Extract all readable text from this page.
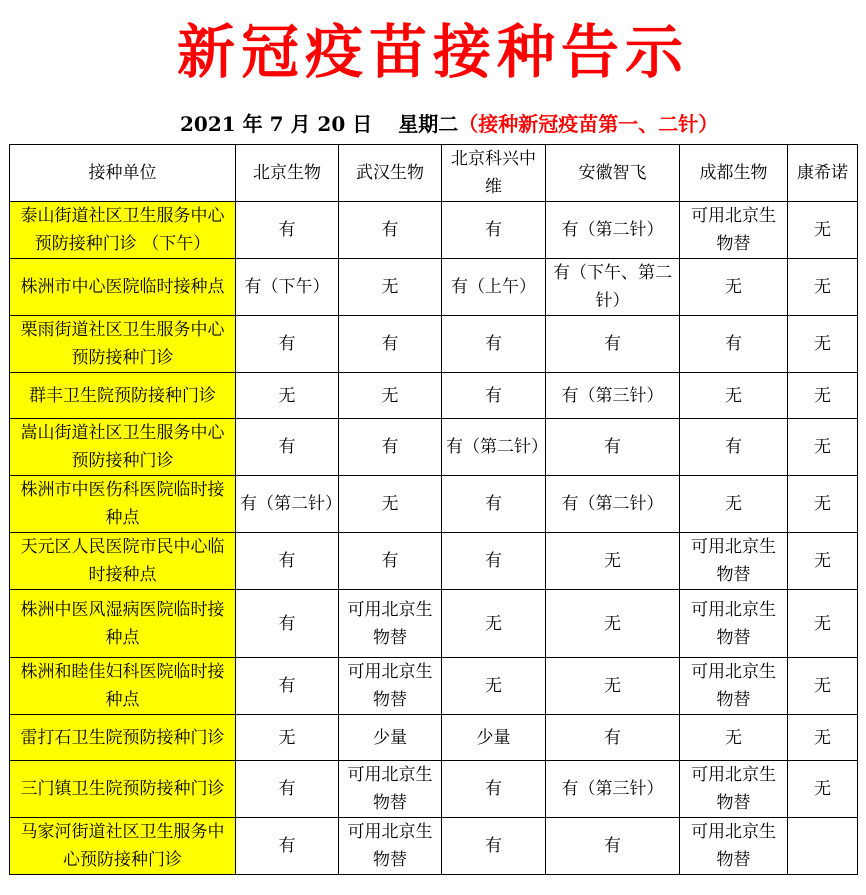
新冠疫苗接种告示
2021 年 7 月 20 日 星期二（接种新冠疫苗第一、二针）
接种单位	北京生物	武汉生物	北京科兴中维	安徽智飞	成都生物	康希诺
泰山街道社区卫生服务中心预防接种门诊 （下午）	有	有	有	有（第二针）	可用北京生物替	无
株洲市中心医院临时接种点	有（下午）	无	有（上午）	有（下午、第二针）	无	无
栗雨街道社区卫生服务中心预防接种门诊	有	有	有	有	有	无
群丰卫生院预防接种门诊	无	无	有	有（第三针）	无	无
嵩山街道社区卫生服务中心预防接种门诊	有	有	有（第二针）	有	有	无
株洲市中医伤科医院临时接种点	有（第二针）	无	有	有（第二针）	无	无
天元区人民医院市民中心临时接种点	有	有	有	无	可用北京生物替	无
株洲中医风湿病医院临时接种点	有	可用北京生物替	无	无	可用北京生物替	无
株洲和睦佳妇科医院临时接种点	有	可用北京生物替	无	无	可用北京生物替	无
雷打石卫生院预防接种门诊	无	少量	少量	有	无	无
三门镇卫生院预防接种门诊	有	可用北京生物替	有	有（第三针）	可用北京生物替	无
马家河街道社区卫生服务中心预防接种门诊	有	可用北京生物替	有	有	可用北京生物替	
